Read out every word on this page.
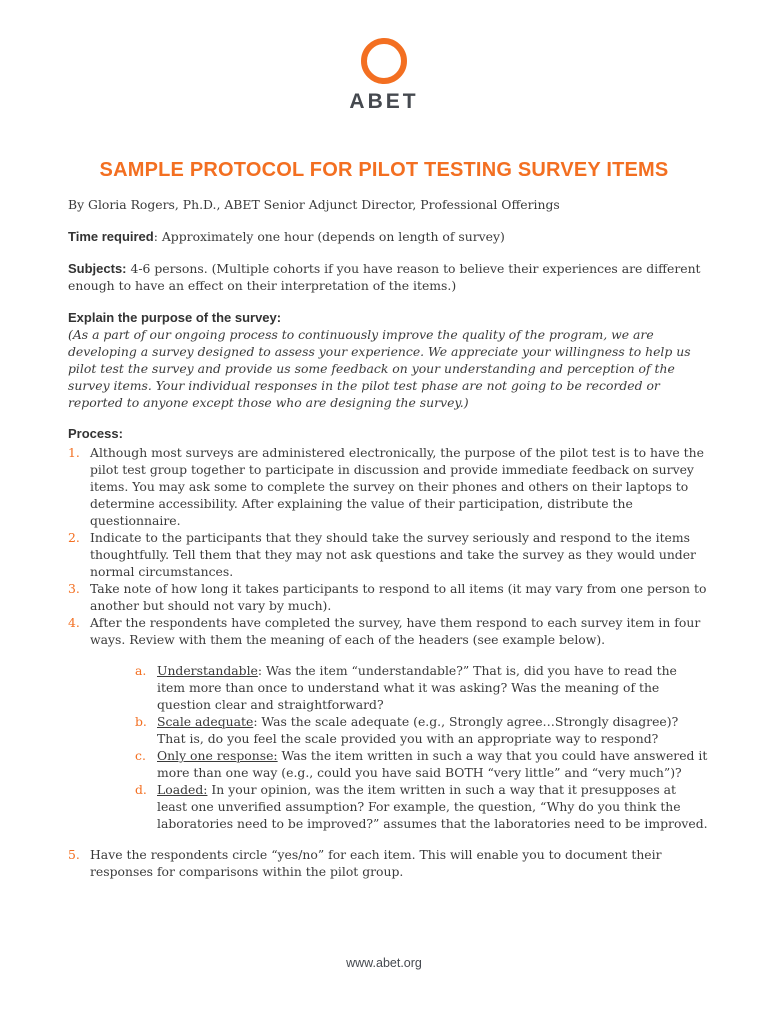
ABET
SAMPLE PROTOCOL FOR PILOT TESTING SURVEY ITEMS

By Gloria Rogers, Ph.D., ABET Senior Adjunct Director, Professional Offerings

Time required: Approximately one hour (depends on length of survey)

Subjects: 4-6 persons. (Multiple cohorts if you have reason to believe their experiences are different enough to have an effect on their interpretation of the items.)

Explain the purpose of the survey:

(As a part of our ongoing process to continuously improve the quality of the program, we are developing a survey designed to assess your experience. We appreciate your willingness to help us pilot test the survey and provide us some feedback on your understanding and perception of the survey items. Your individual responses in the pilot test phase are not going to be recorded or reported to anyone except those who are designing the survey.)

Process:

1. Although most surveys are administered electronically, the purpose of the pilot test is to have the pilot test group together to participate in discussion and provide immediate feedback on survey items. You may ask some to complete the survey on their phones and others on their laptops to determine accessibility. After explaining the value of their participation, distribute the questionnaire.
2. Indicate to the participants that they should take the survey seriously and respond to the items thoughtfully. Tell them that they may not ask questions and take the survey as they would under normal circumstances.
3. Take note of how long it takes participants to respond to all items (it may vary from one person to another but should not vary by much).
4. After the respondents have completed the survey, have them respond to each survey item in four ways. Review with them the meaning of each of the headers (see example below).
a. Understandable: Was the item “understandable?” That is, did you have to read the item more than once to understand what it was asking? Was the meaning of the question clear and straightforward?
b. Scale adequate: Was the scale adequate (e.g., Strongly agree…Strongly disagree)? That is, do you feel the scale provided you with an appropriate way to respond?
c. Only one response: Was the item written in such a way that you could have answered it more than one way (e.g., could you have said BOTH “very little” and “very much”)?
d. Loaded: In your opinion, was the item written in such a way that it presupposes at least one unverified assumption? For example, the question, “Why do you think the laboratories need to be improved?” assumes that the laboratories need to be improved.
5. Have the respondents circle “yes/no” for each item. This will enable you to document their responses for comparisons within the pilot group.
www.abet.org
